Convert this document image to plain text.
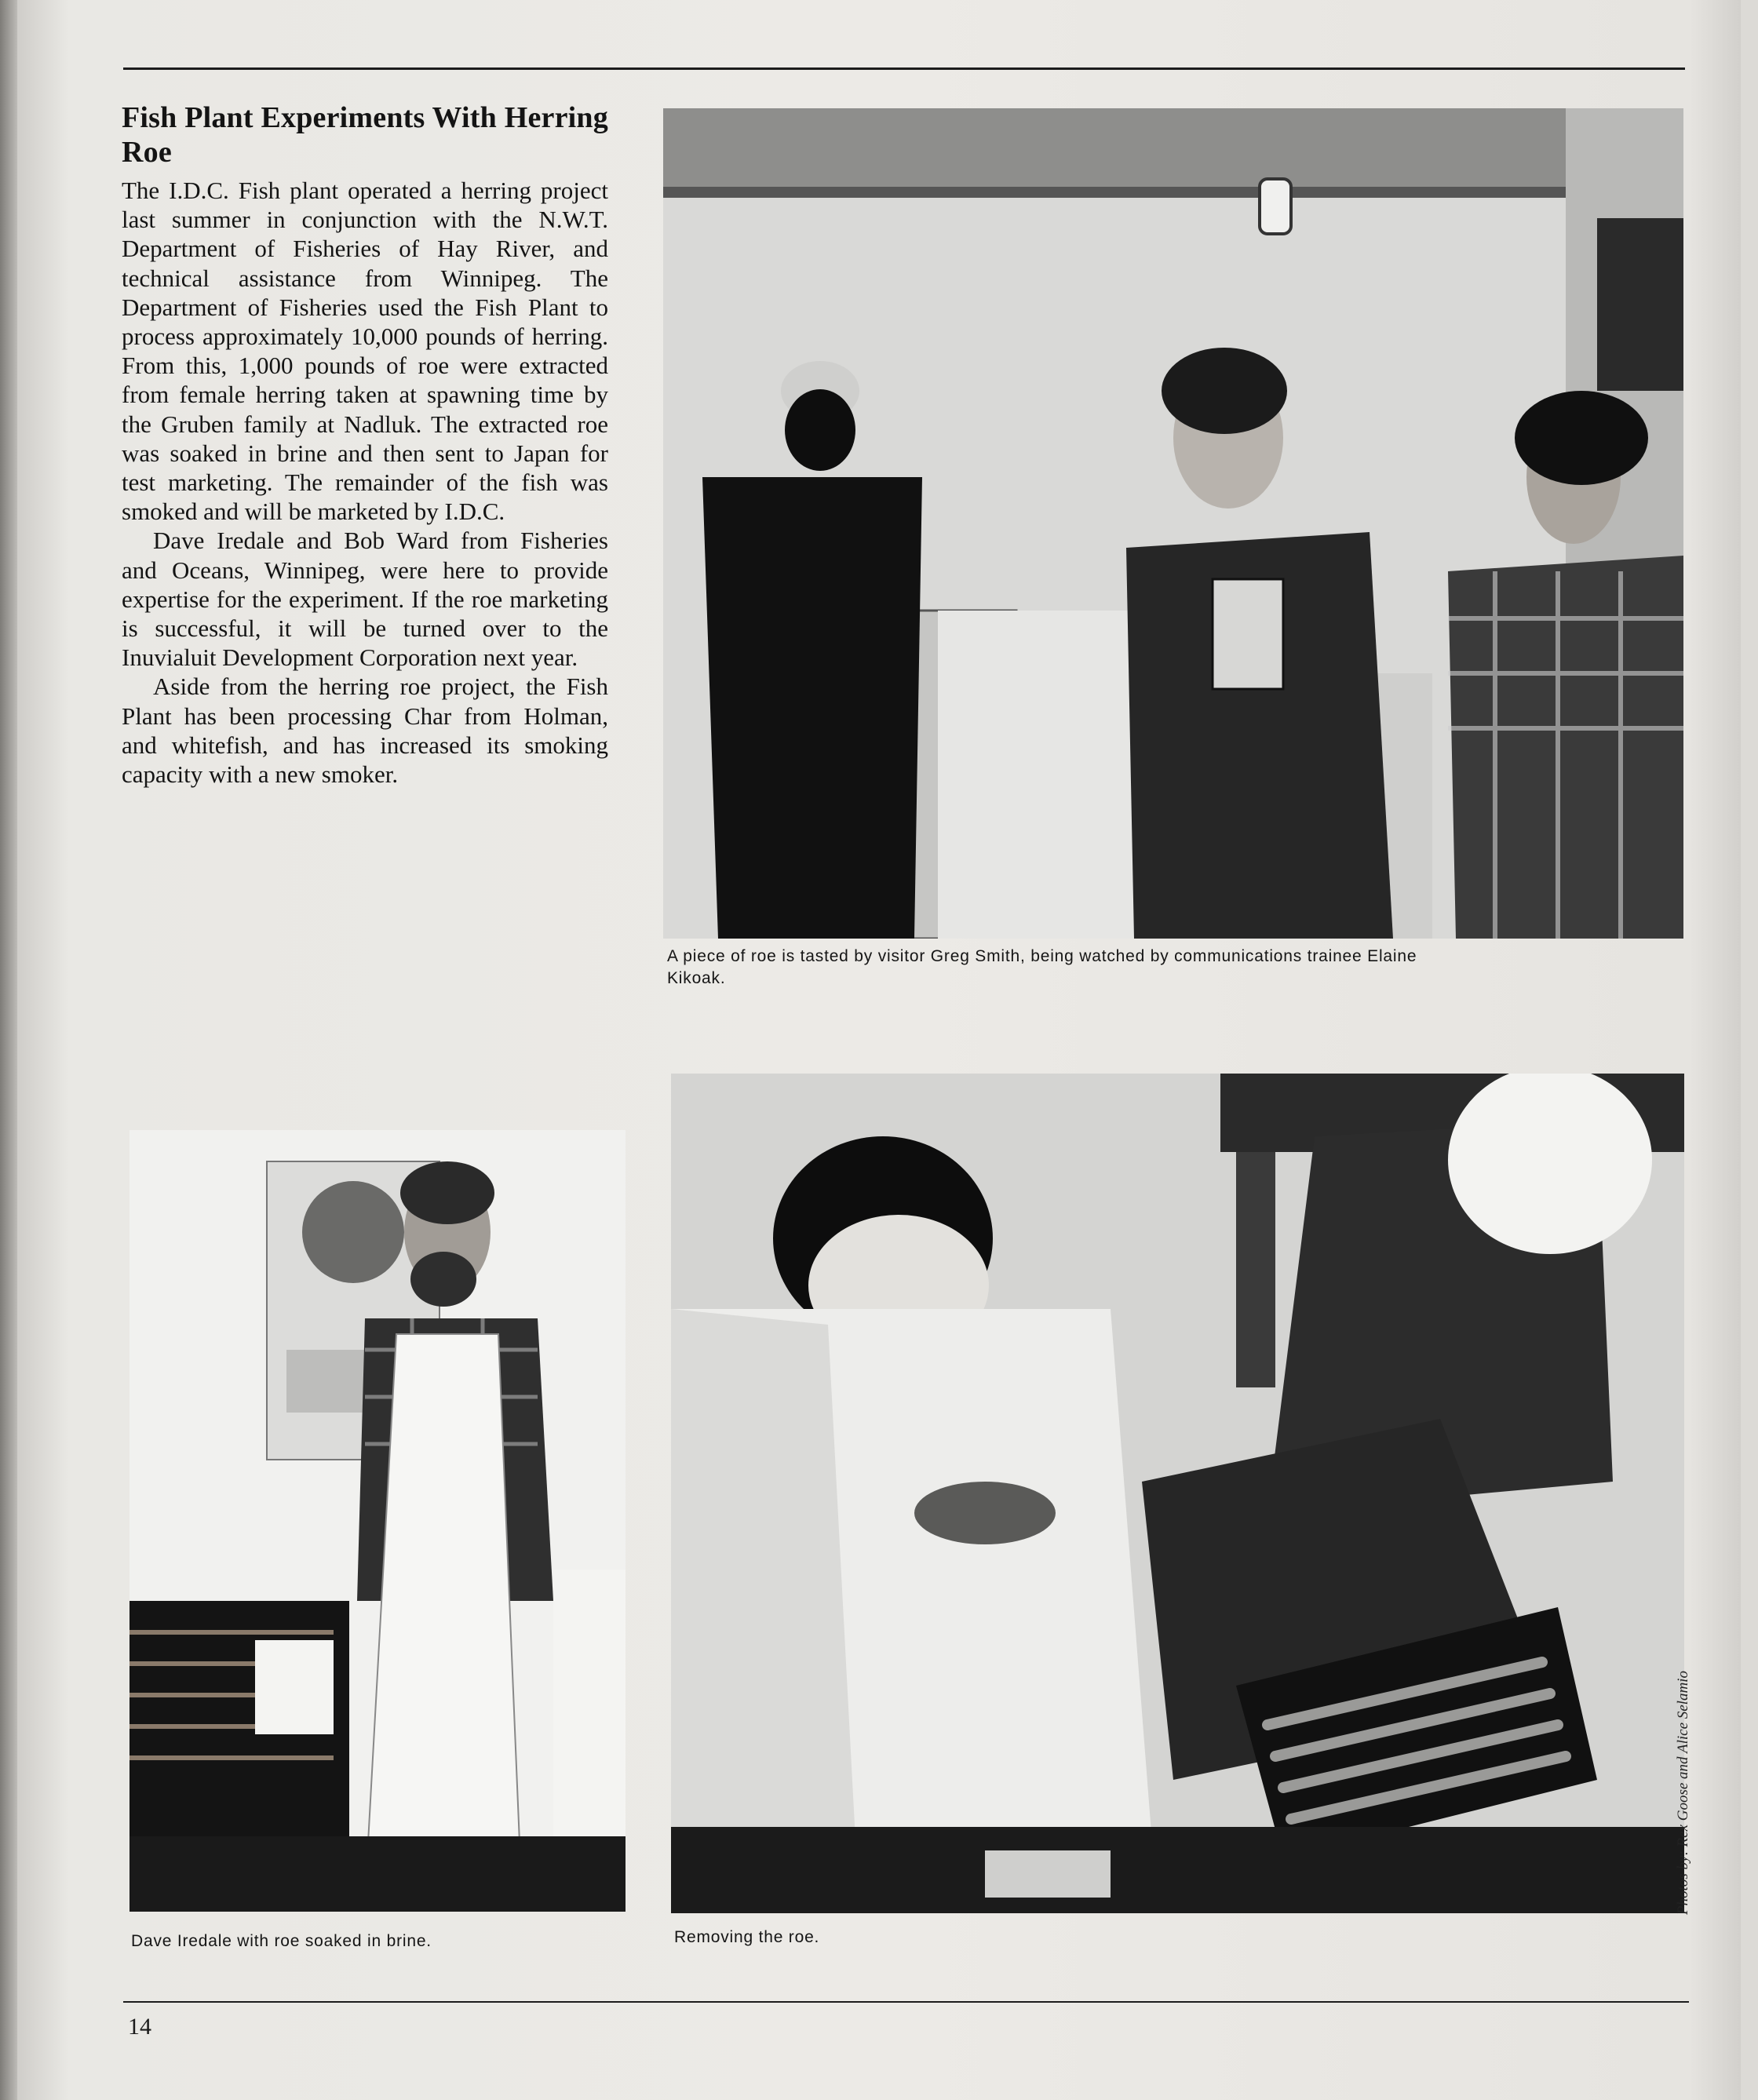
Fish Plant Experiments With Herring Roe

The I.D.C. Fish plant operated a herring project last summer in conjunction with the N.W.T. Department of Fisheries of Hay River, and technical assistance from Winnipeg. The Department of Fisheries used the Fish Plant to process approximately 10,000 pounds of herring. From this, 1,000 pounds of roe were extracted from female herring taken at spawning time by the Gruben family at Nadluk. The extracted roe was soaked in brine and then sent to Japan for test marketing. The remainder of the fish was smoked and will be marketed by I.D.C.

Dave Iredale and Bob Ward from Fisheries and Oceans, Winnipeg, were here to provide expertise for the experiment. If the roe marketing is successful, it will be turned over to the Inuvialuit Development Corporation next year.

Aside from the herring roe project, the Fish Plant has been processing Char from Holman, and whitefish, and has increased its smoking capacity with a new smoker.

A piece of roe is tasted by visitor Greg Smith, being watched by communications trainee Elaine Kikoak.
Dave Iredale with roe soaked in brine.	Removing the roe.
Photos by: Rex Goose and Alice Selamio
14
